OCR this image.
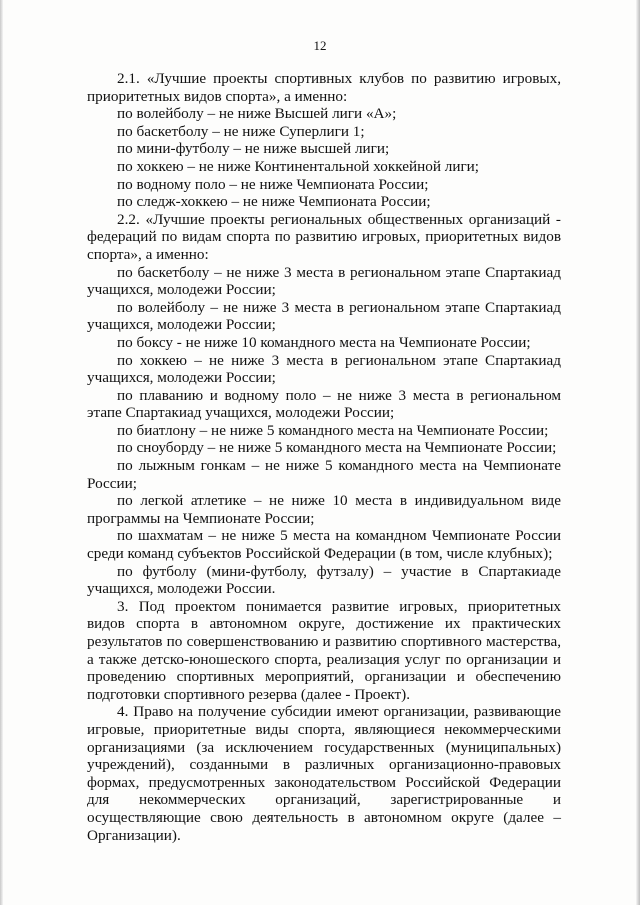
12

2.1. «Лучшие проекты спортивных клубов по развитию игровых, приоритетных видов спорта», а именно:

по волейболу – не ниже Высшей лиги «А»;

по баскетболу – не ниже Суперлиги 1;

по мини-футболу – не ниже высшей лиги;

по хоккею – не ниже Континентальной хоккейной лиги;

по водному поло – не ниже Чемпионата России;

по следж-хоккею – не ниже Чемпионата России;

2.2. «Лучшие проекты региональных общественных организаций - федераций по видам спорта по развитию игровых, приоритетных видов спорта», а именно:

по баскетболу – не ниже 3 места в региональном этапе Спартакиад учащихся, молодежи России;

по волейболу – не ниже 3 места в региональном этапе Спартакиад учащихся, молодежи России;

по боксу - не ниже 10 командного места на Чемпионате России;

по хоккею – не ниже 3 места в региональном этапе Спартакиад учащихся, молодежи России;

по плаванию и водному поло – не ниже 3 места в региональном этапе Спартакиад учащихся, молодежи России;

по биатлону – не ниже 5 командного места на Чемпионате России;

по сноуборду – не ниже 5 командного места на Чемпионате России;

по лыжным гонкам – не ниже 5 командного места на Чемпионате России;

по легкой атлетике – не ниже 10 места в индивидуальном виде программы на Чемпионате России;

по шахматам – не ниже 5 места на командном Чемпионате России среди команд субъектов Российской Федерации (в том, числе клубных);

по футболу (мини-футболу, футзалу) – участие в Спартакиаде учащихся, молодежи России.

3. Под проектом понимается развитие игровых, приоритетных видов спорта в автономном округе, достижение их практических результатов по совершенствованию и развитию спортивного мастерства, а также детско-юношеского спорта, реализация услуг по организации и проведению спортивных мероприятий, организации и обеспечению подготовки спортивного резерва (далее - Проект).

4. Право на получение субсидии имеют организации, развивающие игровые, приоритетные виды спорта, являющиеся некоммерческими организациями (за исключением государственных (муниципальных) учреждений), созданными в различных организационно-правовых формах, предусмотренных законодательством Российской Федерации для некоммерческих организаций, зарегистрированные и осуществляющие свою деятельность в автономном округе (далее – Организации).
